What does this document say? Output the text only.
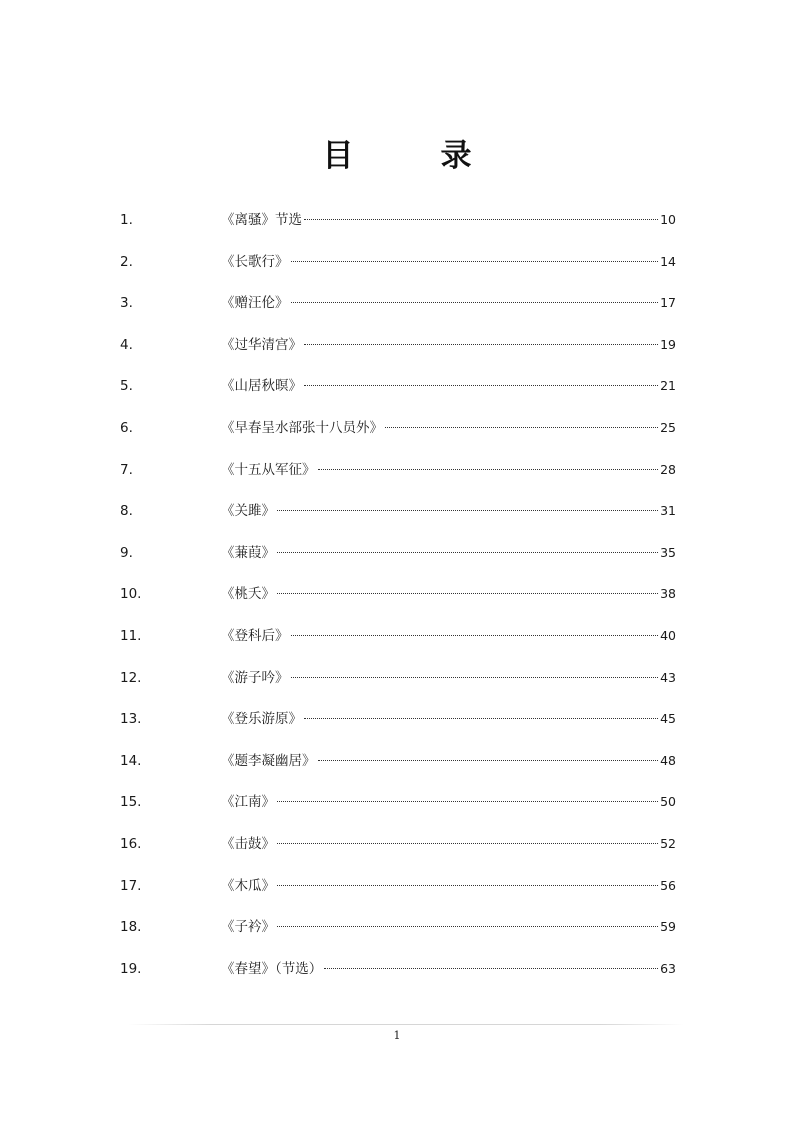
目　录
1.	《离骚》节选	10
2.	《长歌行》	14
3.	《赠汪伦》	17
4.	《过华清宫》	19
5.	《山居秋暝》	21
6.	《早春呈水部张十八员外》	25
7.	《十五从军征》	28
8.	《关雎》	31
9.	《蒹葭》	35
10.	《桃夭》	38
11.	《登科后》	40
12.	《游子吟》	43
13.	《登乐游原》	45
14.	《题李凝幽居》	48
15.	《江南》	50
16.	《击鼓》	52
17.	《木瓜》	56
18.	《子衿》	59
19.	《春望》（节选）	63
1
